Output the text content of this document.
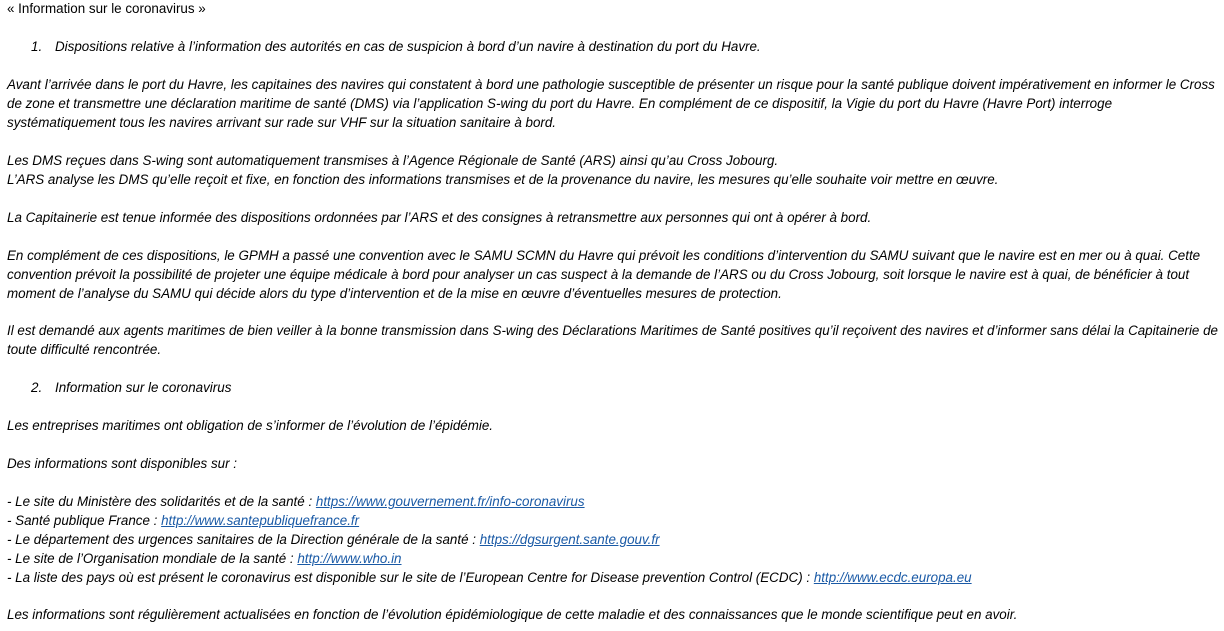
« Information sur le coronavirus »
1. Dispositions relative à l’information des autorités en cas de suspicion à bord d’un navire à destination du port du Havre.
Avant l’arrivée dans le port du Havre, les capitaines des navires qui constatent à bord une pathologie susceptible de présenter un risque pour la santé publique doivent impérativement en informer le Cross
de zone et transmettre une déclaration maritime de santé (DMS) via l’application S-wing du port du Havre. En complément de ce dispositif, la Vigie du port du Havre (Havre Port) interroge
systématiquement tous les navires arrivant sur rade sur VHF sur la situation sanitaire à bord.
Les DMS reçues dans S-wing sont automatiquement transmises à l’Agence Régionale de Santé (ARS) ainsi qu’au Cross Jobourg.
L’ARS analyse les DMS qu’elle reçoit et fixe, en fonction des informations transmises et de la provenance du navire, les mesures qu’elle souhaite voir mettre en œuvre.
La Capitainerie est tenue informée des dispositions ordonnées par l’ARS et des consignes à retransmettre aux personnes qui ont à opérer à bord.
En complément de ces dispositions, le GPMH a passé une convention avec le SAMU SCMN du Havre qui prévoit les conditions d’intervention du SAMU suivant que le navire est en mer ou à quai. Cette
convention prévoit la possibilité de projeter une équipe médicale à bord pour analyser un cas suspect à la demande de l’ARS ou du Cross Jobourg, soit lorsque le navire est à quai, de bénéficier à tout
moment de l’analyse du SAMU qui décide alors du type d’intervention et de la mise en œuvre d’éventuelles mesures de protection.
Il est demandé aux agents maritimes de bien veiller à la bonne transmission dans S-wing des Déclarations Maritimes de Santé positives qu’il reçoivent des navires et d’informer sans délai la Capitainerie de
toute difficulté rencontrée.
2. Information sur le coronavirus
Les entreprises maritimes ont obligation de s’informer de l’évolution de l’épidémie.
Des informations sont disponibles sur :
- Le site du Ministère des solidarités et de la santé : https://www.gouvernement.fr/info-coronavirus
- Santé publique France : http://www.santepubliquefrance.fr
- Le département des urgences sanitaires de la Direction générale de la santé : https://dgsurgent.sante.gouv.fr
- Le site de l’Organisation mondiale de la santé : http://www.who.in
- La liste des pays où est présent le coronavirus est disponible sur le site de l’European Centre for Disease prevention Control (ECDC) : http://www.ecdc.europa.eu
Les informations sont régulièrement actualisées en fonction de l’évolution épidémiologique de cette maladie et des connaissances que le monde scientifique peut en avoir.
